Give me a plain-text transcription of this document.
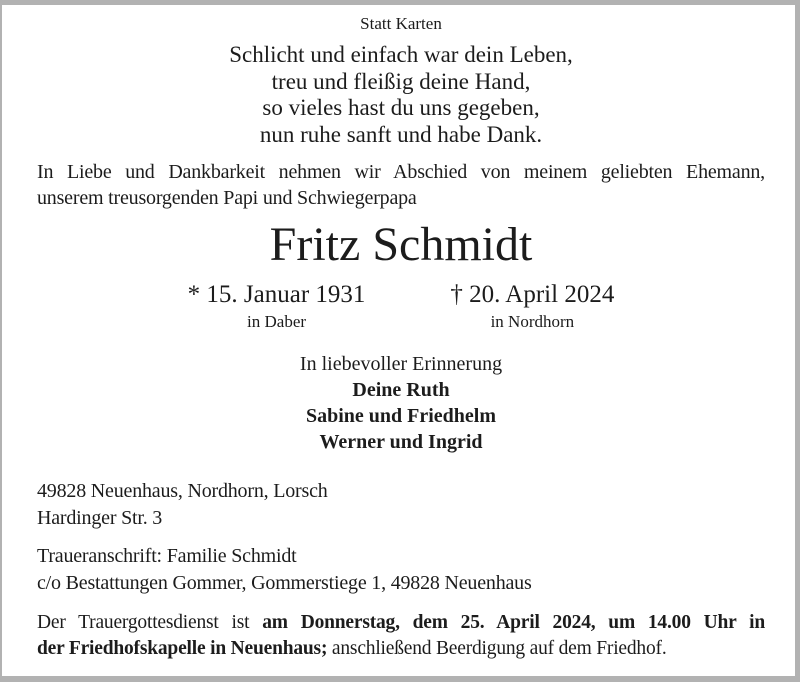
Statt Karten
Schlicht und einfach war dein Leben,
treu und fleißig deine Hand,
so vieles hast du uns gegeben,
nun ruhe sanft und habe Dank.
In Liebe und Dankbarkeit nehmen wir Abschied von meinem geliebten Ehemann,
unserem treusorgenden Papi und Schwiegerpapa
Fritz Schmidt
* 15. Januar 1931
in Daber
† 20. April 2024
in Nordhorn
In liebevoller Erinnerung
Deine Ruth
Sabine und Friedhelm
Werner und Ingrid
49828 Neuenhaus, Nordhorn, Lorsch
Hardinger Str. 3
Traueranschrift: Familie Schmidt
c/o Bestattungen Gommer, Gommerstiege 1, 49828 Neuenhaus
Der Trauergottesdienst ist am Donnerstag, dem 25. April 2024, um 14.00 Uhr in
der Friedhofskapelle in Neuenhaus; anschließend Beerdigung auf dem Friedhof.
